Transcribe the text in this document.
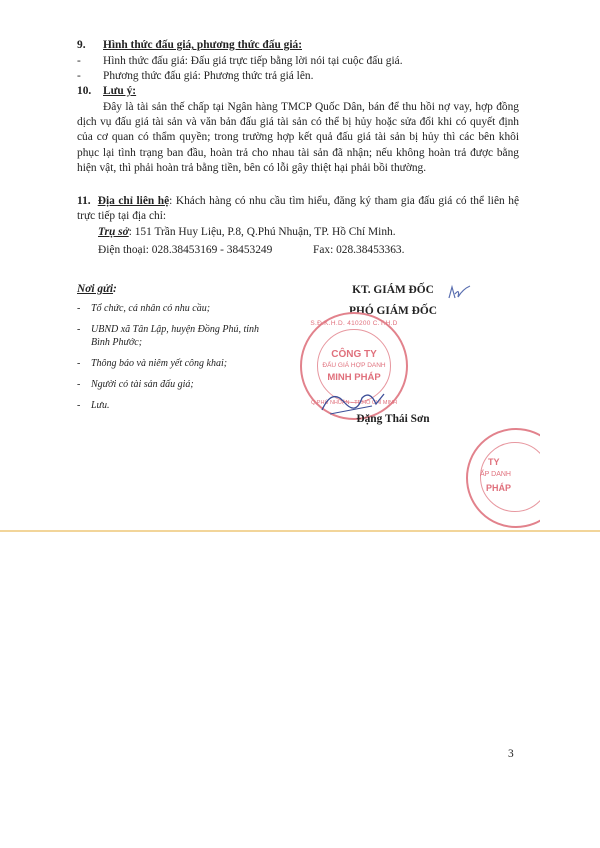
9. Hình thức đấu giá, phương thức đấu giá:
- Hình thức đấu giá: Đấu giá trực tiếp bằng lời nói tại cuộc đấu giá.
- Phương thức đấu giá: Phương thức trả giá lên.
10. Lưu ý:
Đây là tài sản thế chấp tại Ngân hàng TMCP Quốc Dân, bán để thu hồi nợ vay, hợp đồng dịch vụ đấu giá tài sản và văn bản đấu giá tài sản có thể bị hủy hoặc sửa đổi khi có quyết định của cơ quan có thẩm quyền; trong trường hợp kết quả đấu giá tài sản bị hủy thì các bên khôi phục lại tình trạng ban đầu, hoàn trả cho nhau tài sản đã nhận; nếu không hoàn trả được bằng hiện vật, thì phải hoàn trả bằng tiền, bên có lỗi gây thiệt hại phải bồi thường.
11. Địa chỉ liên hệ: Khách hàng có nhu cầu tìm hiểu, đăng ký tham gia đấu giá có thể liên hệ trực tiếp tại địa chỉ:
Trụ sở: 151 Trần Huy Liệu, P.8, Q.Phú Nhuận, TP. Hồ Chí Minh.
Điện thoại: 028.38453169 - 38453249	Fax: 028.38453363.
Nơi gửi:
- Tổ chức, cá nhân có nhu cầu;
- UBND xã Tân Lập, huyện Đồng Phú, tỉnh Bình Phước;
- Thông báo và niêm yết công khai;
- Người có tài sản đấu giá;
- Lưu.
KT. GIÁM ĐỐC
PHÓ GIÁM ĐỐC
S.Đ.K.H.D. 410200 C.T.H.D
CÔNG TY
ĐẤU GIÁ HỢP DANH
MINH PHÁP
Q.PHÚ NHUẬN - TP.HỒ CHÍ MINH
Đặng Thái Sơn
TY
ẤP DANH
PHÁP
3
